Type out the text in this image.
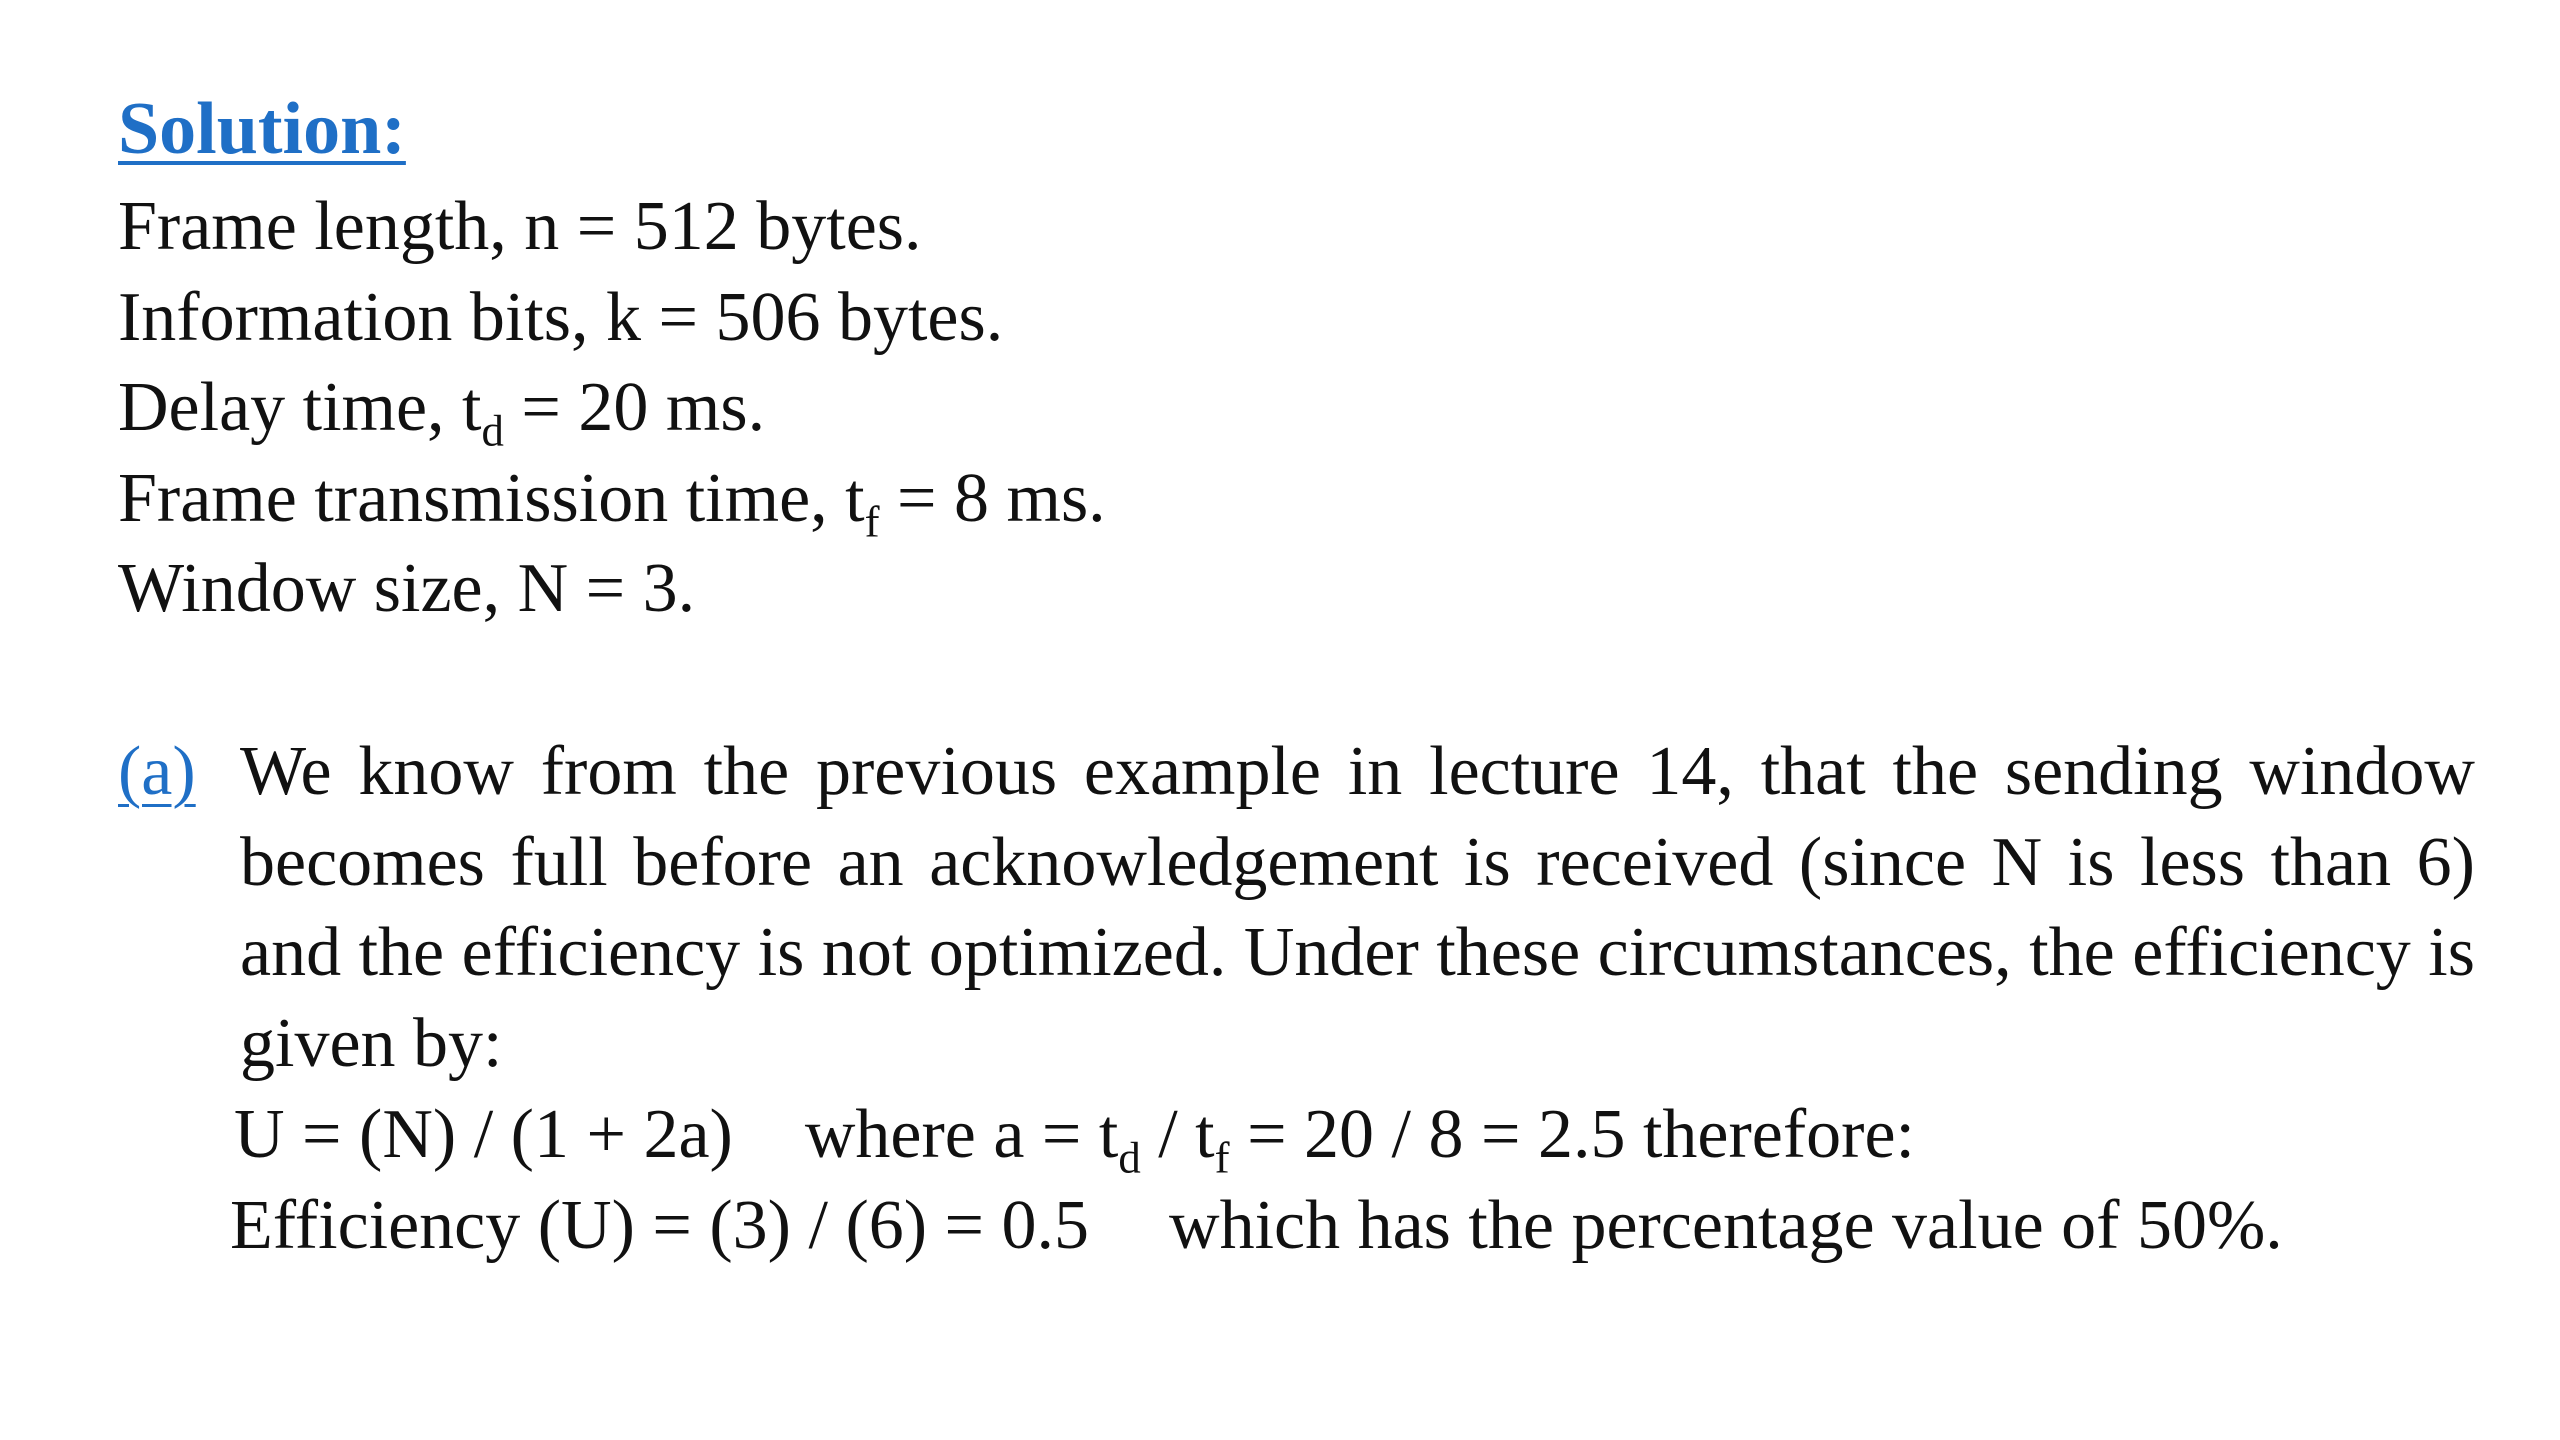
Solution:
Frame length, n = 512 bytes.
Information bits, k = 506 bytes.
Delay time, $t_d = 20$ ms.
Frame transmission time, $t_f = 8$ ms.
Window size, N = 3.
(a) We know from the previous example in lecture 14, that the sending window becomes full before an acknowledgement is received (since N is less than 6) and the efficiency is not optimized. Under these circumstances, the efficiency is given by:
U = (N) / (1 + 2a) where $a = t_d / t_f = 20 / 8 = 2.5$ therefore:
Efficiency (U) = (3) / (6) = 0.5 which has the percentage value of 50%.
